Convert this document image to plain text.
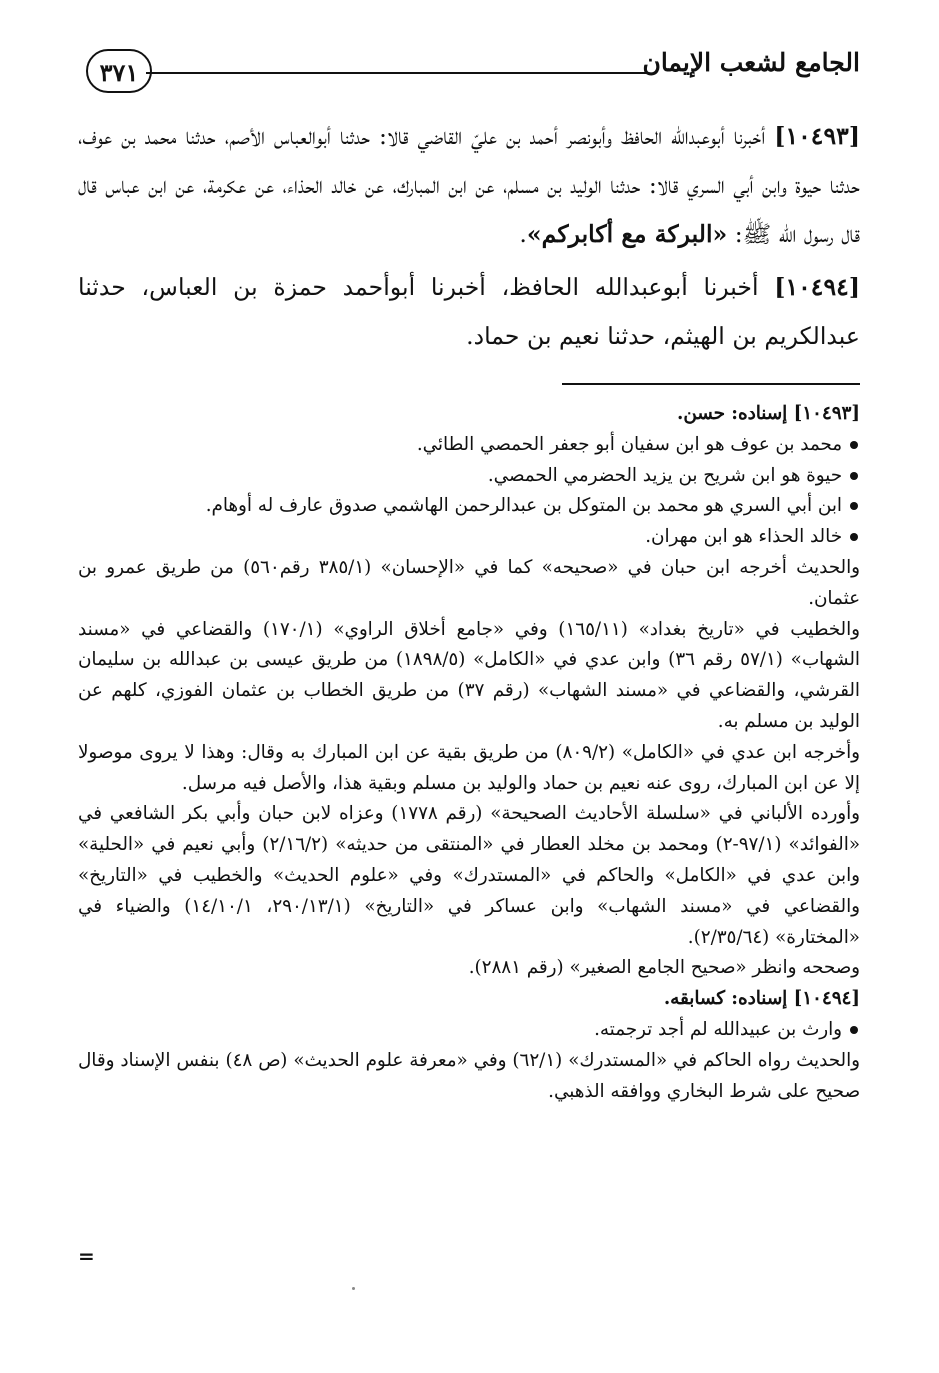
الجامع لشعب الإيمان
٣٧١

[١٠٤٩٣] أخبرنا أبوعبدالله الحافظ وأبونصر أحمد بن عليّ القاضي قالا: حدثنا أبوالعباس الأصم، حدثنا محمد بن عوف، حدثنا حيوة وابن أبي السري قالا: حدثنا الوليد بن مسلم، عن ابن المبارك، عن خالد الحذاء، عن عكرمة، عن ابن عباس قال قال رسول الله ﷺ: «البركة مع أكابركم».

[١٠٤٩٤] أخبرنا أبوعبدالله الحافظ، أخبرنا أبوأحمد حمزة بن العباس، حدثنا عبدالكريم بن الهيثم، حدثنا نعيم بن حماد.

[١٠٤٩٣] إسناده: حسن.

محمد بن عوف هو ابن سفيان أبو جعفر الحمصي الطائي.

حيوة هو ابن شريح بن يزيد الحضرمي الحمصي.

ابن أبي السري هو محمد بن المتوكل بن عبدالرحمن الهاشمي صدوق عارف له أوهام.

خالد الحذاء هو ابن مهران.

والحديث أخرجه ابن حبان في «صحيحه» كما في «الإحسان» (٣٨٥/١ رقم٥٦٠) من طريق عمرو بن عثمان.

والخطيب في «تاريخ بغداد» (١٦٥/١١) وفي «جامع أخلاق الراوي» (١٧٠/١) والقضاعي في «مسند الشهاب» (٥٧/١ رقم ٣٦) وابن عدي في «الكامل» (١٨٩٨/٥) من طريق عيسى بن عبدالله بن سليمان القرشي، والقضاعي في «مسند الشهاب» (رقم ٣٧) من طريق الخطاب بن عثمان الفوزي، كلهم عن الوليد بن مسلم به.

وأخرجه ابن عدي في «الكامل» (٨٠٩/٢) من طريق بقية عن ابن المبارك به وقال: وهذا لا يروى موصولا إلا عن ابن المبارك، روى عنه نعيم بن حماد والوليد بن مسلم وبقية هذا، والأصل فيه مرسل.

وأورده الألباني في «سلسلة الأحاديث الصحيحة» (رقم ١٧٧٨) وعزاه لابن حبان وأبي بكر الشافعي في «الفوائد» (٩٧/١-٢) ومحمد بن مخلد العطار في «المنتقى من حديثه» (٢/١٦/٢) وأبي نعيم في «الحلية» وابن عدي في «الكامل» والحاكم في «المستدرك» وفي «علوم الحديث» والخطيب في «التاريخ» والقضاعي في «مسند الشهاب» وابن عساكر في «التاريخ» (٢٩٠/١٣/١، ١٤/١٠/١) والضياء في «المختارة» (٢/٣٥/٦٤).

وصححه وانظر «صحيح الجامع الصغير» (رقم ٢٨٨١).

[١٠٤٩٤] إسناده: كسابقه.

وارث بن عبيدالله لم أجد ترجمته.

والحديث رواه الحاكم في «المستدرك» (٦٢/١) وفي «معرفة علوم الحديث» (ص ٤٨) بنفس الإسناد وقال صحيح على شرط البخاري ووافقه الذهبي.

=
